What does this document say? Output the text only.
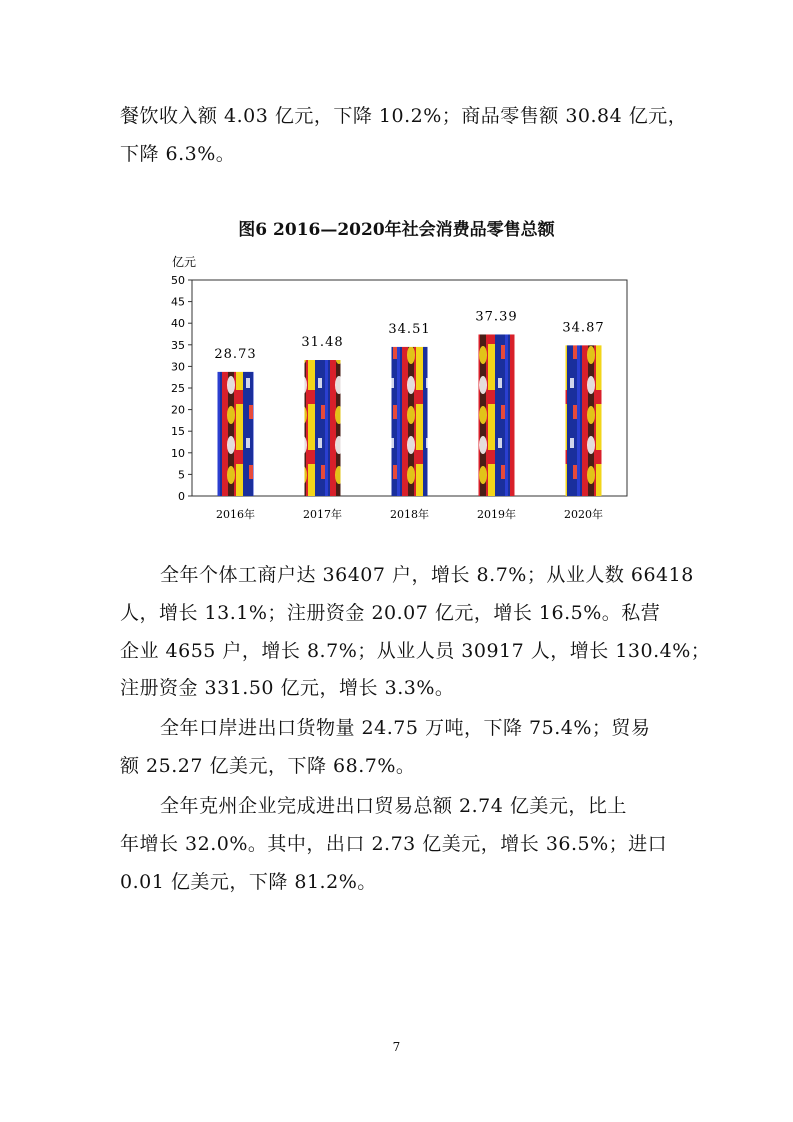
餐饮收入额 4.03 亿元，下降 10.2%；商品零售额 30.84 亿元，
下降 6.3%。
图6 2016—2020年社会消费品零售总额
亿元
0
5
10
15
20
25
30
35
40
45
50
28.73
31.48
34.51
37.39
34.87
2016年	2017年	2018年	2019年	2020年
全年个体工商户达 36407 户，增长 8.7%；从业人数 66418
人，增长 13.1%；注册资金 20.07 亿元，增长 16.5%。私营
企业 4655 户，增长 8.7%；从业人员 30917 人，增长 130.4%；
注册资金 331.50 亿元，增长 3.3%。
全年口岸进出口货物量 24.75 万吨，下降 75.4%；贸易
额 25.27 亿美元，下降 68.7%。
全年克州企业完成进出口贸易总额 2.74 亿美元，比上
年增长 32.0%。其中，出口 2.73 亿美元，增长 36.5%；进口
0.01 亿美元，下降 81.2%。
7
